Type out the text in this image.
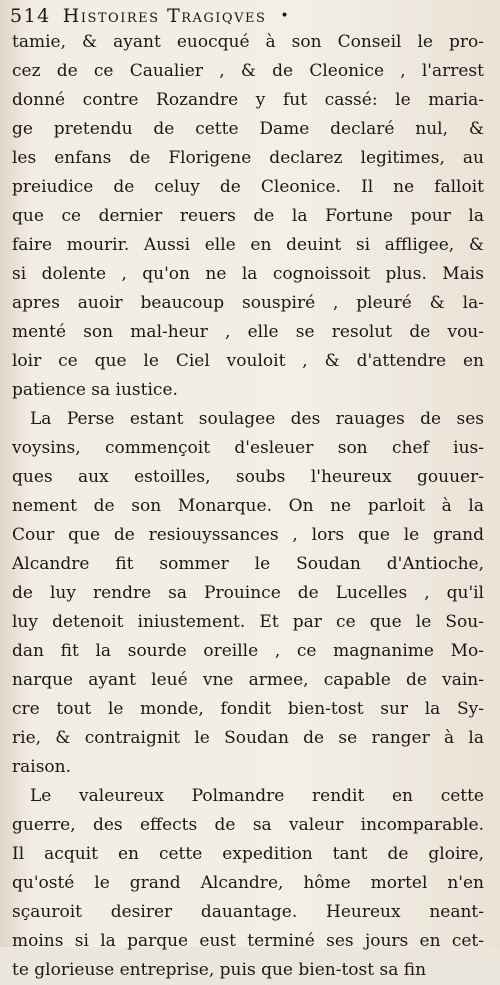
514 Histoires Tragiqves •
tamie, & ayant euocqué à son Conseil le pro-
cez de ce Caualier , & de Cleonice , l'arrest
donné contre Rozandre y fut cassé: le maria-
ge pretendu de cette Dame declaré nul, &
les enfans de Florigene declarez legitimes, au
preiudice de celuy de Cleonice. Il ne falloit
que ce dernier reuers de la Fortune pour la
faire mourir. Aussi elle en deuint si affligee, &
si dolente , qu'on ne la cognoissoit plus. Mais
apres auoir beaucoup souspiré , pleuré & la-
menté son mal-heur , elle se resolut de vou-
loir ce que le Ciel vouloit , & d'attendre en
patience sa iustice.
La Perse estant soulagee des rauages de ses
voysins, commençoit d'esleuer son chef ius-
ques aux estoilles, soubs l'heureux gouuer-
nement de son Monarque. On ne parloit à la
Cour que de resiouyssances , lors que le grand
Alcandre fit sommer le Soudan d'Antioche,
de luy rendre sa Prouince de Lucelles , qu'il
luy detenoit iniustement. Et par ce que le Sou-
dan fit la sourde oreille , ce magnanime Mo-
narque ayant leué vne armee, capable de vain-
cre tout le monde, fondit bien-tost sur la Sy-
rie, & contraignit le Soudan de se ranger à la
raison.
Le valeureux Polmandre rendit en cette
guerre, des effects de sa valeur incomparable.
Il acquit en cette expedition tant de gloire,
qu'osté le grand Alcandre, hôme mortel n'en
sçauroit desirer dauantage. Heureux neant-
moins si la parque eust terminé ses jours en cet-
te glorieuse entreprise, puis que bien-tost sa fin
